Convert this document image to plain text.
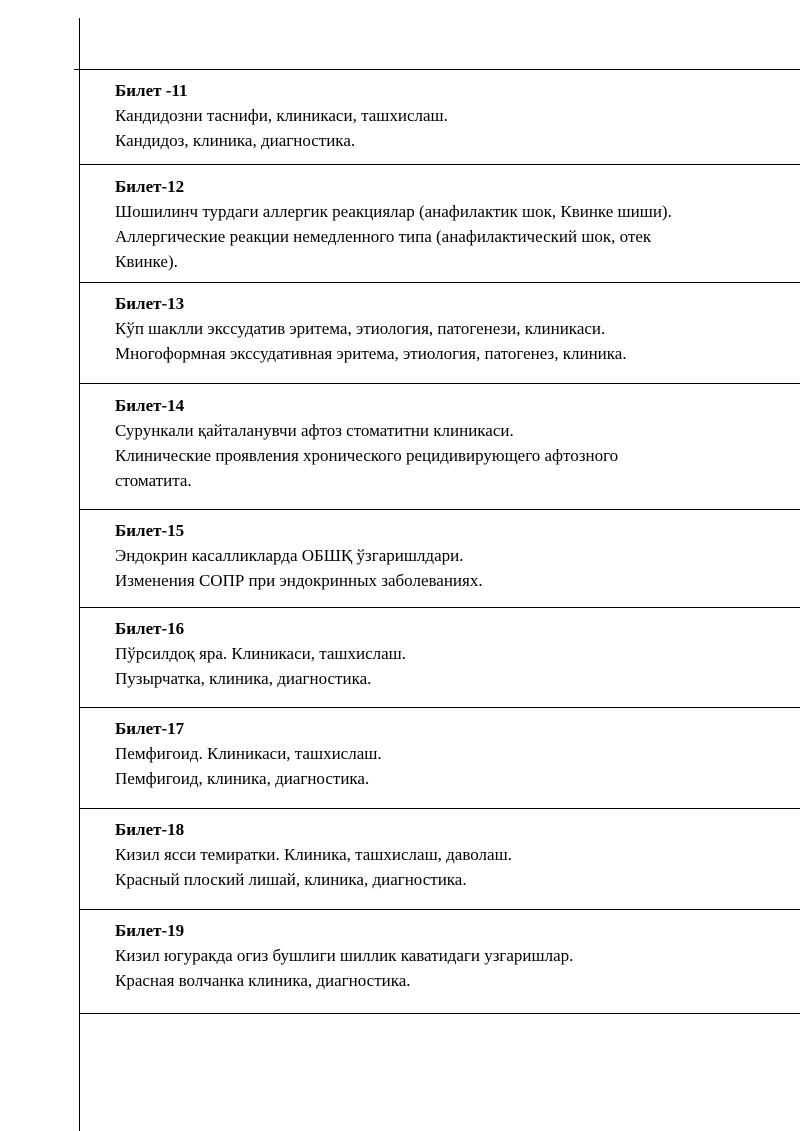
Билет -11

Кандидозни таснифи, клиникаси, ташхислаш.

Кандидоз, клиника, диагностика.

Билет-12

Шошилинч турдаги аллергик реакциялар (анафилактик шок, Квинке шиши).

Аллергические реакции немедленного типа (анафилактический шок, отек

Квинке).

Билет-13

Кўп шаклли экссудатив эритема, этиология, патогенези, клиникаси.

Многоформная экссудативная эритема, этиология, патогенез, клиника.

Билет-14

Сурункали қайталанувчи афтоз стоматитни клиникаси.

Клинические проявления хронического рецидивирующего афтозного

стоматита.

Билет-15

Эндокрин касалликларда ОБШҚ ўзгаришлдари.

Изменения СОПР при эндокринных заболеваниях.

Билет-16

Пўрсилдоқ яра. Клиникаси, ташхислаш.

Пузырчатка, клиника, диагностика.

Билет-17

Пемфигоид. Клиникаси, ташхислаш.

Пемфигоид, клиника, диагностика.

Билет-18

Кизил ясси темиратки. Клиника, ташхислаш, даволаш.

Красный плоский лишай, клиника, диагностика.

Билет-19

Кизил югуракда огиз бушлиги шиллик каватидаги узгаришлар.

Красная волчанка клиника, диагностика.
